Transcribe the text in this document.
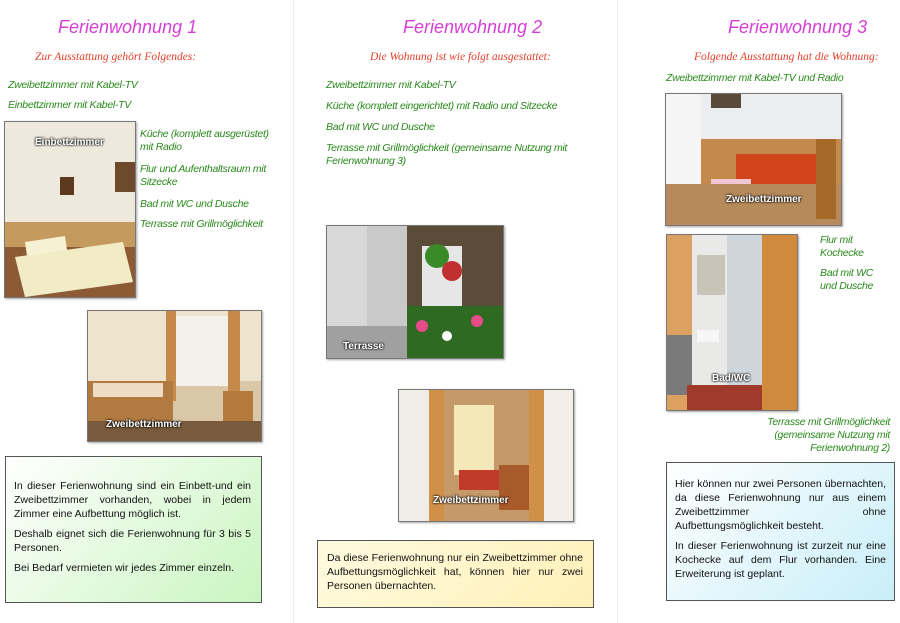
Ferienwohnung 1
Zur Ausstattung gehört Folgendes:
Zweibettzimmer mit Kabel-TV
Einbettzimmer mit Kabel-TV
Einbettzimmer
Küche (komplett ausgerüstet) mit Radio
Flur und Aufenthaltsraum mit Sitzecke
Bad mit WC und Dusche
Terrasse mit Grillmöglichkeit
Zweibettzimmer

In dieser Ferienwohnung sind ein Einbett-und ein Zweibettzimmer vorhanden, wobei in jedem Zimmer eine Aufbettung möglich ist.

Deshalb eignet sich die Ferienwohnung für 3 bis 5 Personen.

Bei Bedarf vermieten wir jedes Zimmer einzeln.

Ferienwohnung 2
Die Wohnung ist wie folgt ausgestattet:
Zweibettzimmer mit Kabel-TV
Küche (komplett eingerichtet) mit Radio und Sitzecke
Bad mit WC und Dusche
Terrasse mit Grillmöglichkeit (gemeinsame Nutzung mit Ferienwohnung 3)
Terrasse
Zweibettzimmer

Da diese Ferienwohnung nur ein Zweibettzimmer ohne Aufbettungsmöglichkeit hat, können hier nur zwei Personen übernachten.

Ferienwohnung 3
Folgende Ausstattung hat die Wohnung:
Zweibettzimmer mit Kabel-TV und Radio
Zweibettzimmer
Bad/WC
Flur mit Kochecke
Bad mit WC und Dusche
Terrasse mit Grillmöglichkeit (gemeinsame Nutzung mit Ferienwohnung 2)

Hier können nur zwei Personen übernachten, da diese Ferienwohnung nur aus einem Zweibettzimmer ohne Aufbettungsmöglichkeit besteht.

In dieser Ferienwohnung ist zurzeit nur eine Kochecke auf dem Flur vorhanden. Eine Erweiterung ist geplant.
